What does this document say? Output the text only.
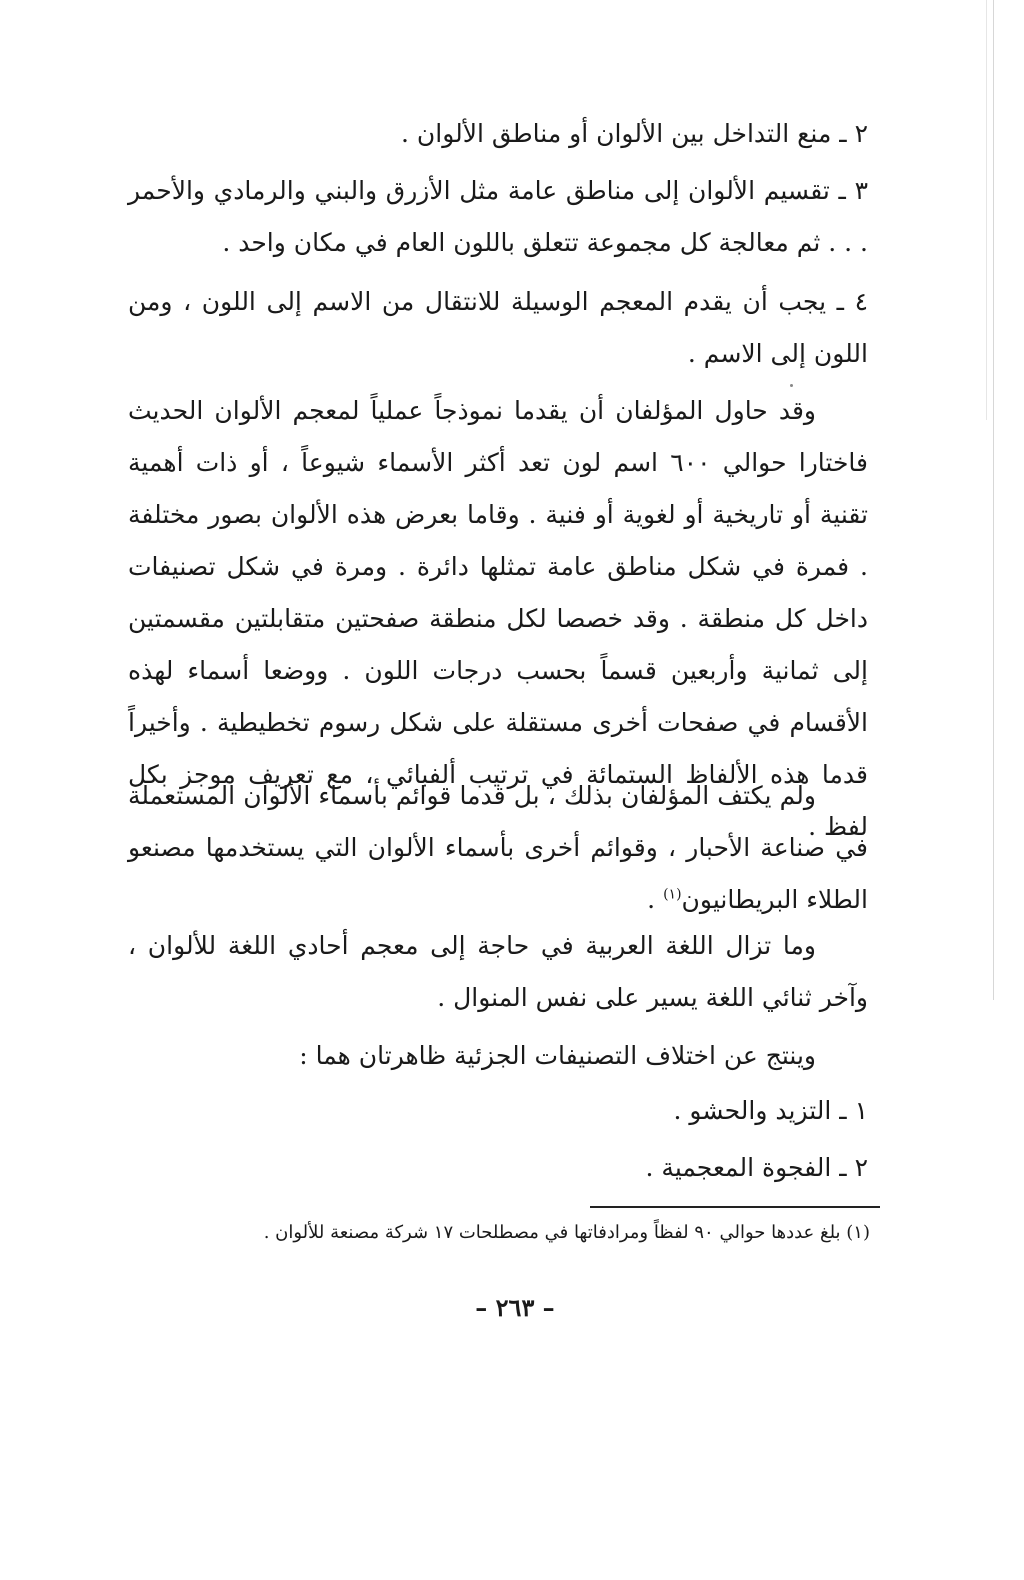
٢ ـ منع التداخل بين الألوان أو مناطق الألوان .
٣ ـ تقسيم الألوان إلى مناطق عامة مثل الأزرق والبني والرمادي والأحمر . . . ثم معالجة كل مجموعة تتعلق باللون العام في مكان واحد .
٤ ـ يجب أن يقدم المعجم الوسيلة للانتقال من الاسم إلى اللون ، ومن اللون إلى الاسم .
وقد حاول المؤلفان أن يقدما نموذجاً عملياً لمعجم الألوان الحديث فاختارا حوالي ٦٠٠ اسم لون تعد أكثر الأسماء شيوعاً ، أو ذات أهمية تقنية أو تاريخية أو لغوية أو فنية . وقاما بعرض هذه الألوان بصور مختلفة . فمرة في شكل مناطق عامة تمثلها دائرة . ومرة في شكل تصنيفات داخل كل منطقة . وقد خصصا لكل منطقة صفحتين متقابلتين مقسمتين إلى ثمانية وأربعين قسماً بحسب درجات اللون . ووضعا أسماء لهذه الأقسام في صفحات أخرى مستقلة على شكل رسوم تخطيطية . وأخيراً قدما هذه الألفاظ الستمائة في ترتيب ألفبائي ، مع تعريف موجز بكل لفظ .
ولم يكتف المؤلفان بذلك ، بل قدما قوائم بأسماء الألوان المستعملة في صناعة الأحبار ، وقوائم أخرى بأسماء الألوان التي يستخدمها مصنعو الطلاء البريطانيون$^{(١)}$ .
وما تزال اللغة العربية في حاجة إلى معجم أحادي اللغة للألوان ، وآخر ثنائي اللغة يسير على نفس المنوال .
وينتج عن اختلاف التصنيفات الجزئية ظاهرتان هما :
١ ـ التزيد والحشو .
٢ ـ الفجوة المعجمية .
(١) بلغ عددها حوالي ٩٠ لفظاً ومرادفاتها في مصطلحات ١٧ شركة مصنعة للألوان .
– ٢٦٣ –
